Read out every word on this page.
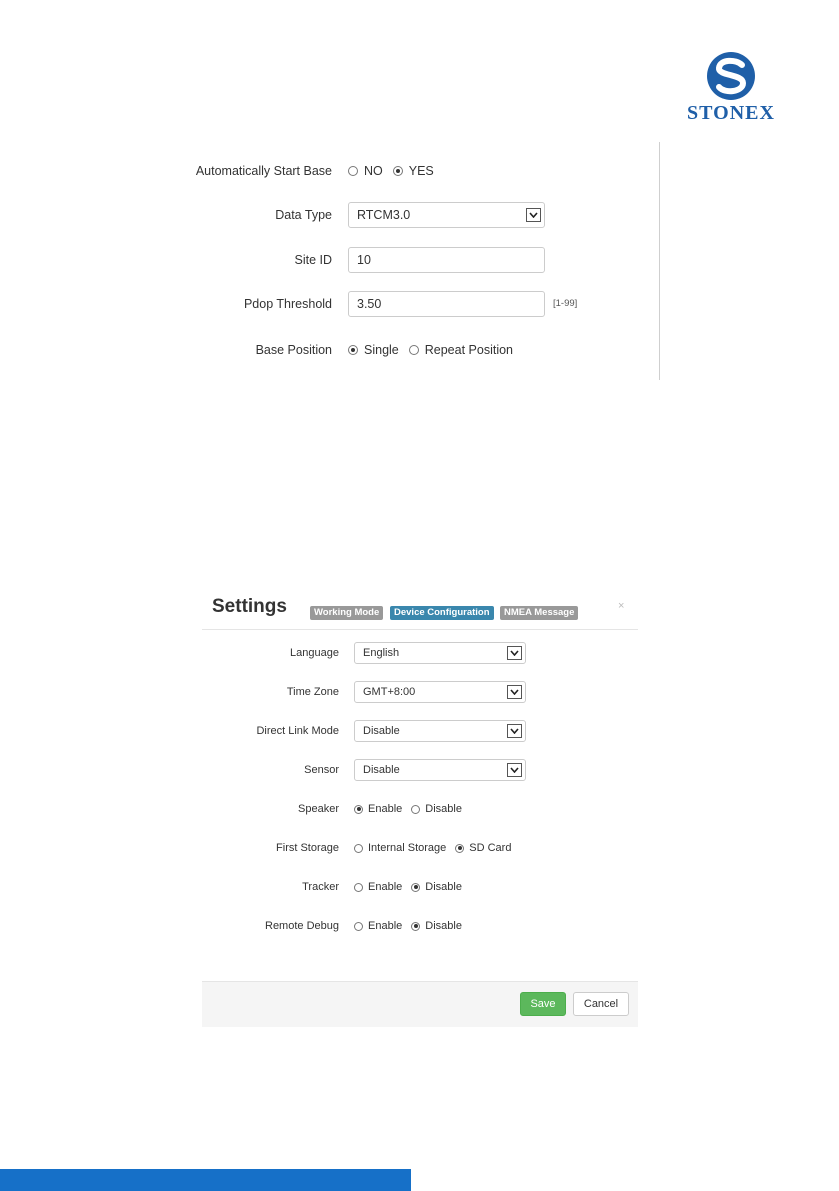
STONEX
Automatically Start Base	NO YES
Data Type RTCM3.0
Site ID 10
Pdop Threshold 3.50	[1-99]
Base Position	Single Repeat Position
Settings	Working Mode	Device Configuration	NMEA Message
×
Language English
Time Zone GMT+8:00
Direct Link Mode Disable
Sensor Disable
Speaker	Enable Disable
First Storage	Internal Storage SD Card
Tracker	Enable Disable
Remote Debug	Enable Disable
Save	Cancel
